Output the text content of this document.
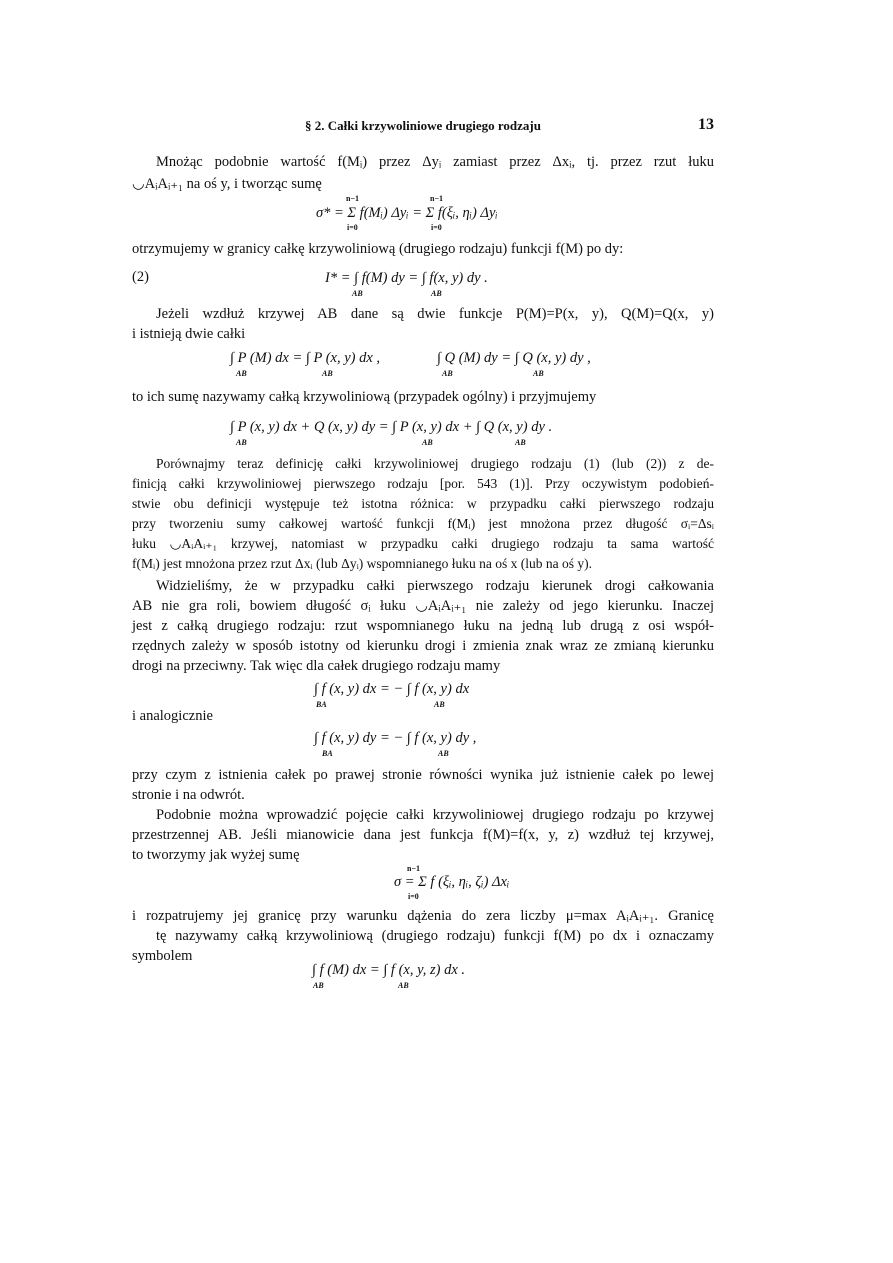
§ 2. Całki krzywoliniowe drugiego rodzaju	13
Mnożąc podobnie wartość f(Mᵢ) przez Δyᵢ zamiast przez Δxᵢ, tj. przez rzut łuku
◡AᵢAᵢ₊₁ na oś y, i tworząc sumę
n−1	n−1
σ* = Σ f(Mᵢ) Δyᵢ = Σ f(ξᵢ, ηᵢ) Δyᵢ
i=0	i=0
otrzymujemy w granicy całkę krzywoliniową (drugiego rodzaju) funkcji f(M) po dy:
(2)	I* = ∫ f(M) dy = ∫ f(x, y) dy .
AB	AB
Jeżeli wzdłuż krzywej AB dane są dwie funkcje P(M)=P(x, y), Q(M)=Q(x, y)
i istnieją dwie całki
∫ P (M) dx = ∫ P (x, y) dx ,	∫ Q (M) dy = ∫ Q (x, y) dy ,
AB	AB	AB	AB
to ich sumę nazywamy całką krzywoliniową (przypadek ogólny) i przyjmujemy
∫ P (x, y) dx + Q (x, y) dy = ∫ P (x, y) dx + ∫ Q (x, y) dy .
AB	AB	AB
Porównajmy teraz definicję całki krzywoliniowej drugiego rodzaju (1) (lub (2)) z de-
finicją całki krzywoliniowej pierwszego rodzaju [por. 543 (1)]. Przy oczywistym podobień-
stwie obu definicji występuje też istotna różnica: w przypadku całki pierwszego rodzaju
przy tworzeniu sumy całkowej wartość funkcji f(Mᵢ) jest mnożona przez długość σᵢ=Δsᵢ
łuku ◡AᵢAᵢ₊₁ krzywej, natomiast w przypadku całki drugiego rodzaju ta sama wartość
f(Mᵢ) jest mnożona przez rzut Δxᵢ (lub Δyᵢ) wspomnianego łuku na oś x (lub na oś y).
Widzieliśmy, że w przypadku całki pierwszego rodzaju kierunek drogi całkowania
AB nie gra roli, bowiem długość σᵢ łuku ◡AᵢAᵢ₊₁ nie zależy od jego kierunku. Inaczej
jest z całką drugiego rodzaju: rzut wspomnianego łuku na jedną lub drugą z osi współ-
rzędnych zależy w sposób istotny od kierunku drogi i zmienia znak wraz ze zmianą kierunku
drogi na przeciwny. Tak więc dla całek drugiego rodzaju mamy
∫ f (x, y) dx = − ∫ f (x, y) dx
BA	AB
i analogicznie
∫ f (x, y) dy = − ∫ f (x, y) dy ,
BA	AB
przy czym z istnienia całek po prawej stronie równości wynika już istnienie całek po lewej
stronie i na odwrót.
Podobnie można wprowadzić pojęcie całki krzywoliniowej drugiego rodzaju po krzywej
przestrzennej AB. Jeśli mianowicie dana jest funkcja f(M)=f(x, y, z) wzdłuż tej krzywej,
to tworzymy jak wyżej sumę
n−1
σ = Σ f (ξᵢ, ηᵢ, ζᵢ) Δxᵢ
i=0
i rozpatrujemy jej granicę przy warunku dążenia do zera liczby μ=max AᵢAᵢ₊₁. Granicę
tę nazywamy całką krzywoliniową (drugiego rodzaju) funkcji f(M) po dx i oznaczamy
symbolem
∫ f (M) dx = ∫ f (x, y, z) dx .
AB	AB
